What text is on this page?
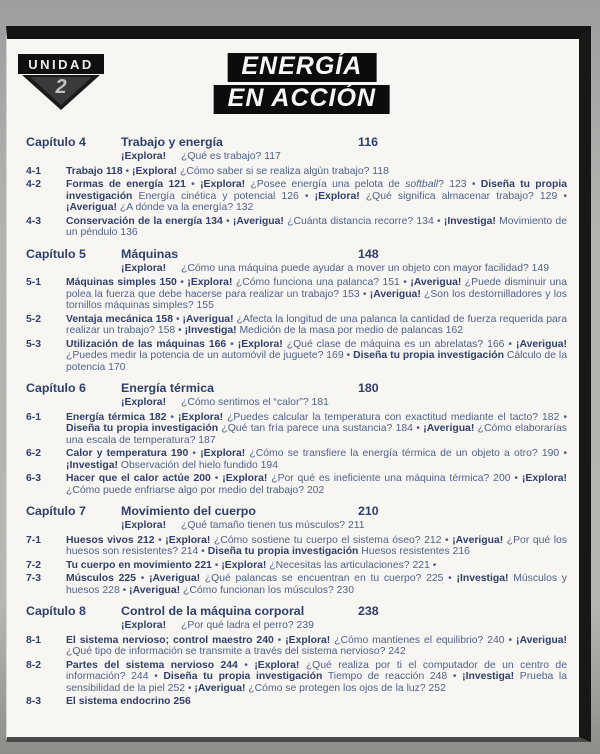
UNIDAD
2
ENERGÍA
EN ACCIÓN
Capítulo 4	Trabajo y energía	116
¡Explora! ¿Qué es trabajo? 117
4-1	Trabajo 118 • ¡Explora! ¿Cómo saber si se realiza algún trabajo? 118
4-2	Formas de energía 121 • ¡Explora! ¿Posee energía una pelota de softball? 123 • Diseña tu propia investigación Energía cinética y potencial 126 • ¡Explora! ¿Qué significa almacenar trabajo? 129 • ¡Averigua! ¿A dónde va la energía? 132
4-3	Conservación de la energía 134 • ¡Averigua! ¿Cuánta distancia recorre? 134 • ¡Investiga! Movimiento de un péndulo 136
Capítulo 5	Máquinas	148
¡Explora! ¿Cómo una máquina puede ayudar a mover un objeto con mayor facilidad? 149
5-1	Máquinas simples 150 • ¡Explora! ¿Cómo funciona una palanca? 151 • ¡Averigua! ¿Puede disminuir una polea la fuerza que debe hacerse para realizar un trabajo? 153 • ¡Averigua! ¿Son los destornilladores y los tornillos máquinas simples? 155
5-2	Ventaja mecánica 158 • ¡Averigua! ¿Afecta la longitud de una palanca la cantidad de fuerza requerida para realizar un trabajo? 158 • ¡Investiga! Medición de la masa por medio de palancas 162
5-3	Utilización de las máquinas 166 • ¡Explora! ¿Qué clase de máquina es un abrelatas? 166 • ¡Averigua! ¿Puedes medir la potencia de un automóvil de juguete? 169 • Diseña tu propia investigación Cálculo de la potencia 170
Capítulo 6	Energía térmica	180
¡Explora! ¿Cómo sentimos el “calor”? 181
6-1	Energía térmica 182 • ¡Explora! ¿Puedes calcular la temperatura con exactitud mediante el tacto? 182 • Diseña tu propia investigación ¿Qué tan fría parece una sustancia? 184 • ¡Averigua! ¿Cómo elaborarías una escala de temperatura? 187
6-2	Calor y temperatura 190 • ¡Explora! ¿Cómo se transfiere la energía térmica de un objeto a otro? 190 • ¡Investiga! Observación del hielo fundido 194
6-3	Hacer que el calor actúe 200 • ¡Explora! ¿Por qué es ineficiente una máquina térmica? 200 • ¡Explora! ¿Cómo puede enfriarse algo por medio del trabajo? 202
Capítulo 7	Movimiento del cuerpo	210
¡Explora! ¿Qué tamaño tienen tus músculos? 211
7-1	Huesos vivos 212 • ¡Explora! ¿Cómo sostiene tu cuerpo el sistema óseo? 212 • ¡Averigua! ¿Por qué los huesos son resistentes? 214 • Diseña tu propia investigación Huesos resistentes 216
7-2	Tu cuerpo en movimiento 221 • ¡Explora! ¿Necesitas las articulaciones? 221 •
7-3	Músculos 225 • ¡Averigua! ¿Qué palancas se encuentran en tu cuerpo? 225 • ¡Investiga! Músculos y huesos 228 • ¡Averigua! ¿Cómo funcionan los músculos? 230
Capítulo 8	Control de la máquina corporal	238
¡Explora! ¿Por qué ladra el perro? 239
8-1	El sistema nervioso; control maestro 240 • ¡Explora! ¿Cómo mantienes el equilibrio? 240 • ¡Averigua! ¿Qué tipo de información se transmite a través del sistema nervioso? 242
8-2	Partes del sistema nervioso 244 • ¡Explora! ¿Qué realiza por ti el computador de un centro de información? 244 • Diseña tu propia investigación Tiempo de reacción 248 • ¡Investiga! Prueba la sensibilidad de la piel 252 • ¡Averigua! ¿Cómo se protegen los ojos de la luz? 252
8-3	El sistema endocrino 256
